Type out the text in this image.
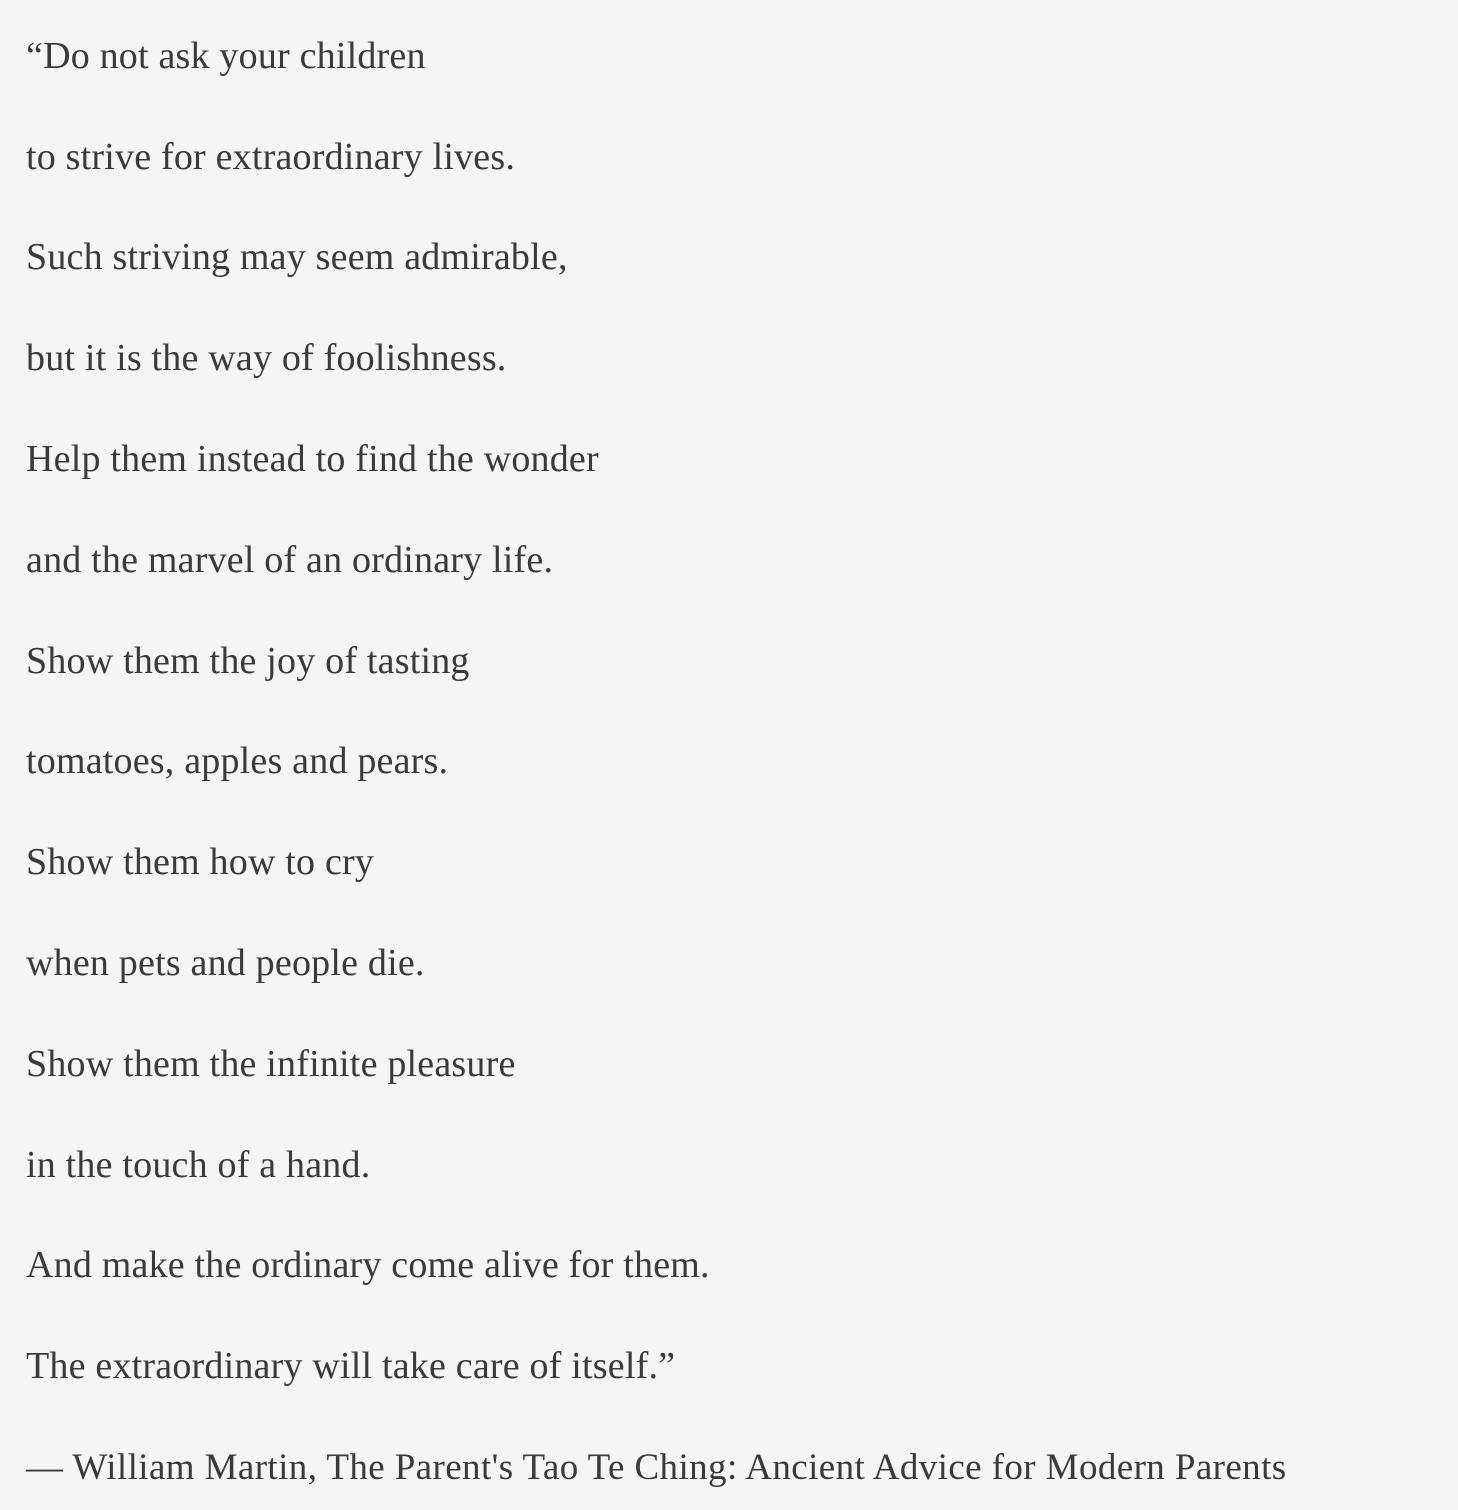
“Do not ask your children

to strive for extraordinary lives.

Such striving may seem admirable,

but it is the way of foolishness.

Help them instead to find the wonder

and the marvel of an ordinary life.

Show them the joy of tasting

tomatoes, apples and pears.

Show them how to cry

when pets and people die.

Show them the infinite pleasure

in the touch of a hand.

And make the ordinary come alive for them.

The extraordinary will take care of itself.”

— William Martin, The Parent's Tao Te Ching: Ancient Advice for Modern Parents
